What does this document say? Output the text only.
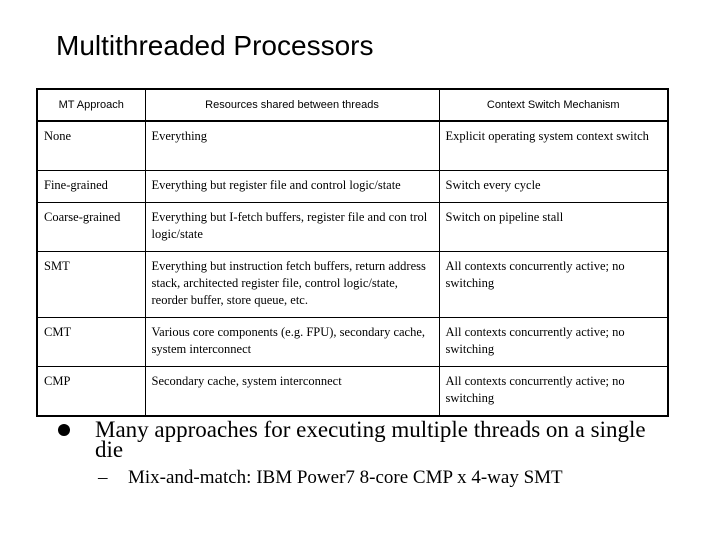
Multithreaded Processors
MT Approach	Resources shared between threads	Context Switch Mechanism
None	Everything	Explicit operating system context switch
Fine-grained	Everything but register file and control logic/state	Switch every cycle
Coarse-grained	Everything but I-fetch buffers, register file and con trol logic/state	Switch on pipeline stall
SMT	Everything but instruction fetch buffers, return address stack, architected register file, control logic/state, reorder buffer, store queue, etc.	All contexts concurrently active; no switching
CMT	Various core components (e.g. FPU), secondary cache, system interconnect	All contexts concurrently active; no switching
CMP	Secondary cache, system interconnect	All contexts concurrently active; no switching
Many approaches for executing multiple threads on a single die
– Mix-and-match: IBM Power7 8-core CMP x 4-way SMT
